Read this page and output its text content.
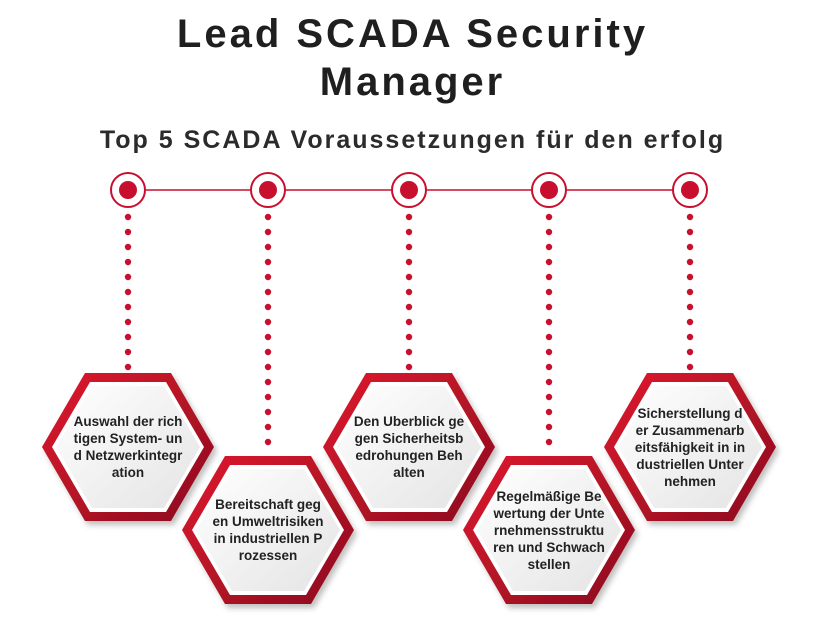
Lead SCADA Security
Manager
Top 5 SCADA Voraussetzungen für den erfolg
Auswahl der richtigen System- und Netzwerkintegration
Bereitschaft gegen Umweltrisiken in industriellen Prozessen
Den Uberblick gegen Sicherheitsbedrohungen Behalten
Regelmäßige Bewertung der Unternehmensstrukturen und Schwachstellen
Sicherstellung der Zusammenarbeitsfähigkeit in industriellen Unternehmen
